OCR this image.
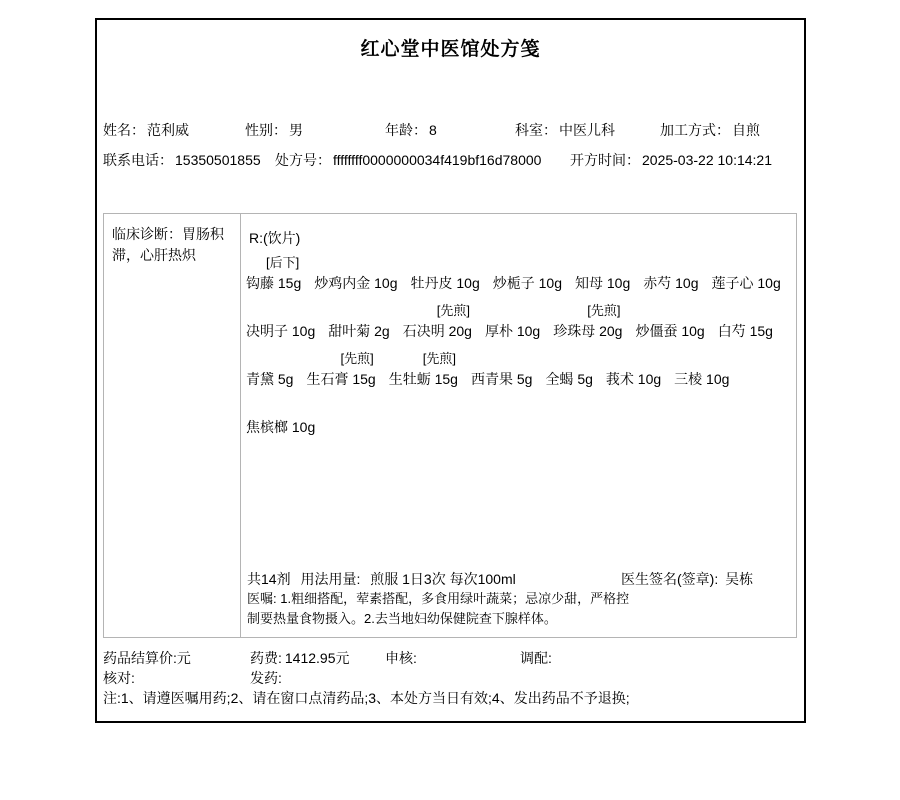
红心堂中医馆处方笺
姓名： 范利威	性别： 男	年龄： 8	科室： 中医儿科	加工方式： 自煎
联系电话： 15350501855 处方号： ffffffff0000000034f419bf16d78000 开方时间： 2025-03-22 10:14:21
临床诊断：胃肠积滞，心肝热炽
R:(饮片)
[后下]
钩藤 15g
炒鸡内金 10g
牡丹皮 10g
炒栀子 10g
知母 10g
赤芍 10g
莲子心 10g

决明子 10g
甜叶菊 2g
[先煎]
石决明 20g
厚朴 10g
[先煎]
珍珠母 20g
炒僵蚕 10g
白芍 15g

青黛 5g
[先煎]
生石膏 15g
[先煎]
生牡蛎 15g
西青果 5g
全蝎 5g
莪术 10g
三棱 10g

焦槟榔 10g
共14剂 用法用量: 煎服 1日3次 每次100ml	医生签名(签章): 吴栋
医嘱: 1.粗细搭配，荤素搭配，多食用绿叶蔬菜；忌凉少甜，严格控制要热量食物摄入。2.去当地妇幼保健院查下腺样体。
药品结算价:元	药费: 1412.95元	申核:	调配:
核对:	发药:
注:1、请遵医嘱用药;2、请在窗口点清药品;3、本处方当日有效;4、发出药品不予退换;
